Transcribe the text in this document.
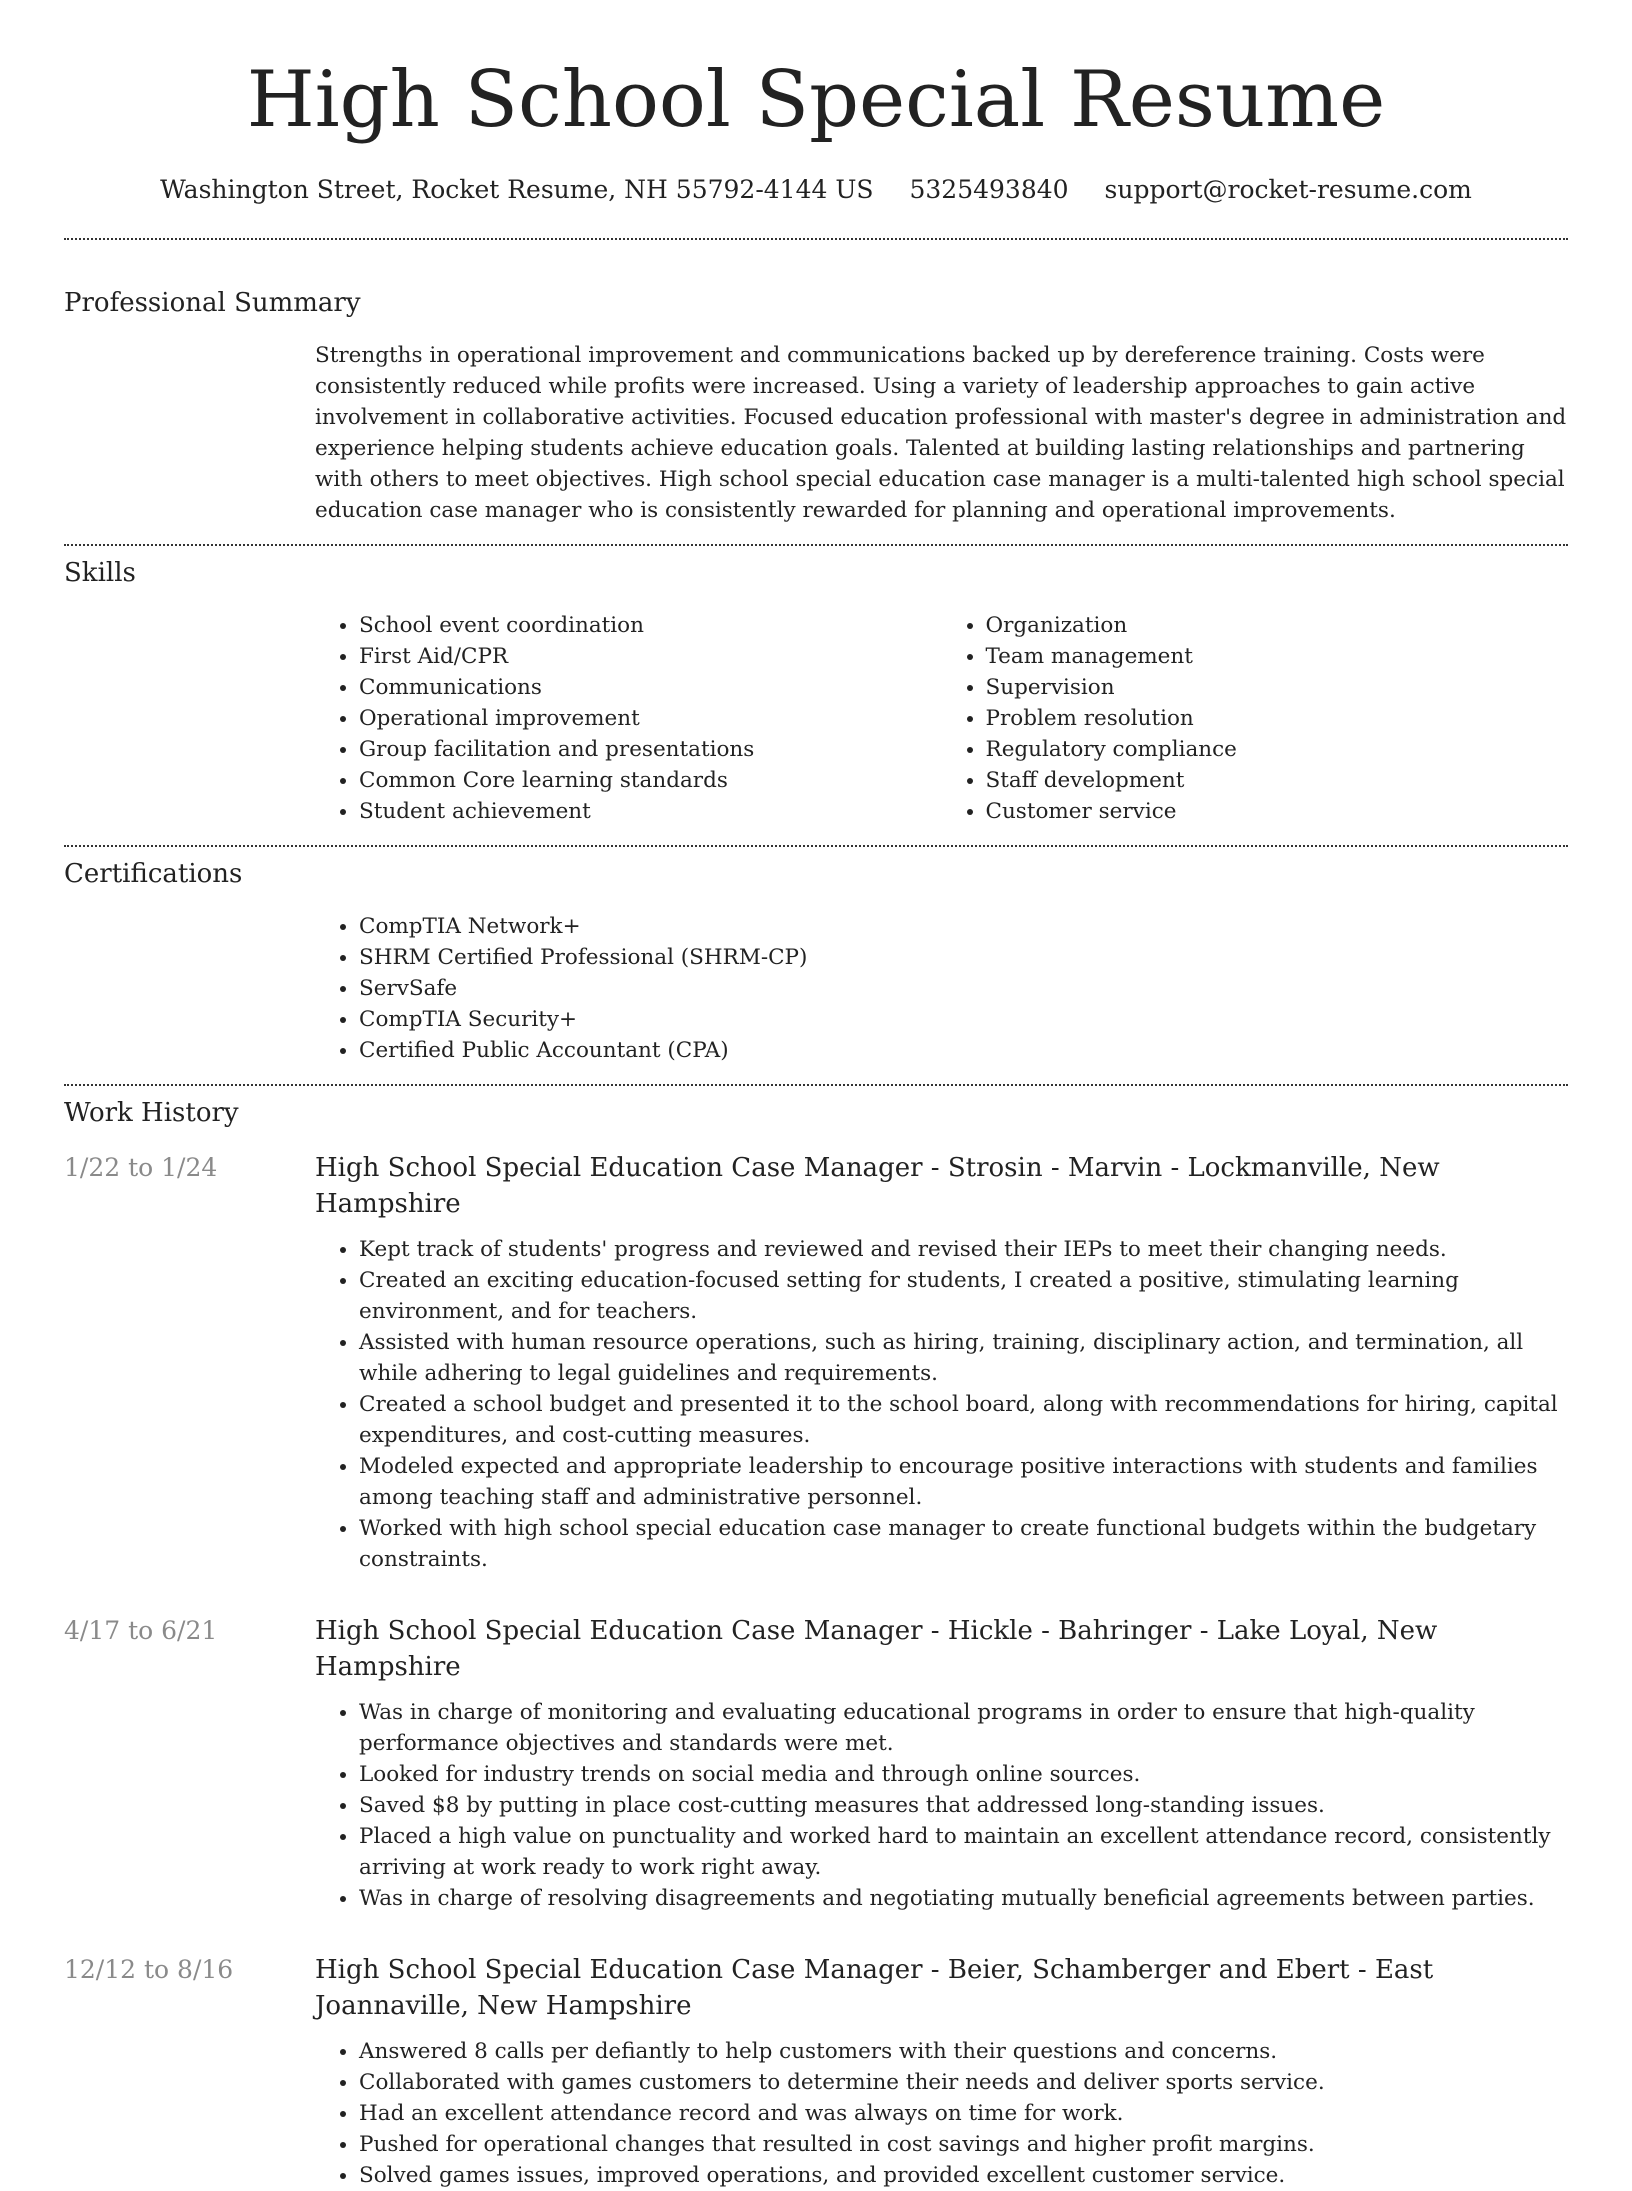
High School Special Resume
Washington Street, Rocket Resume, NH 55792-4144 US 5325493840 support@rocket-resume.com
Professional Summary

Strengths in operational improvement and communications backed up by dereference training. Costs were consistently reduced while profits were increased. Using a variety of leadership approaches to gain active involvement in collaborative activities. Focused education professional with master's degree in administration and experience helping students achieve education goals. Talented at building lasting relationships and partnering with others to meet objectives. High school special education case manager is a multi-talented high school special education case manager who is consistently rewarded for planning and operational improvements.

Skills
• School event coordination
• First Aid/CPR
• Communications
• Operational improvement
• Group facilitation and presentations
• Common Core learning standards
• Student achievement
• Organization
• Team management
• Supervision
• Problem resolution
• Regulatory compliance
• Staff development
• Customer service
Certifications
• CompTIA Network+
• SHRM Certified Professional (SHRM-CP)
• ServSafe
• CompTIA Security+
• Certified Public Accountant (CPA)
Work History
1/22 to 1/24	High School Special Education Case Manager - Strosin - Marvin - Lockmanville, New Hampshire
• Kept track of students' progress and reviewed and revised their IEPs to meet their changing needs.
• Created an exciting education-focused setting for students, I created a positive, stimulating learning environment, and for teachers.
• Assisted with human resource operations, such as hiring, training, disciplinary action, and termination, all while adhering to legal guidelines and requirements.
• Created a school budget and presented it to the school board, along with recommendations for hiring, capital expenditures, and cost-cutting measures.
• Modeled expected and appropriate leadership to encourage positive interactions with students and families among teaching staff and administrative personnel.
• Worked with high school special education case manager to create functional budgets within the budgetary constraints.
4/17 to 6/21	High School Special Education Case Manager - Hickle - Bahringer - Lake Loyal, New Hampshire
• Was in charge of monitoring and evaluating educational programs in order to ensure that high-quality performance objectives and standards were met.
• Looked for industry trends on social media and through online sources.
• Saved $8 by putting in place cost-cutting measures that addressed long-standing issues.
• Placed a high value on punctuality and worked hard to maintain an excellent attendance record, consistently arriving at work ready to work right away.
• Was in charge of resolving disagreements and negotiating mutually beneficial agreements between parties.
12/12 to 8/16	High School Special Education Case Manager - Beier, Schamberger and Ebert - East Joannaville, New Hampshire
• Answered 8 calls per defiantly to help customers with their questions and concerns.
• Collaborated with games customers to determine their needs and deliver sports service.
• Had an excellent attendance record and was always on time for work.
• Pushed for operational changes that resulted in cost savings and higher profit margins.
• Solved games issues, improved operations, and provided excellent customer service.
